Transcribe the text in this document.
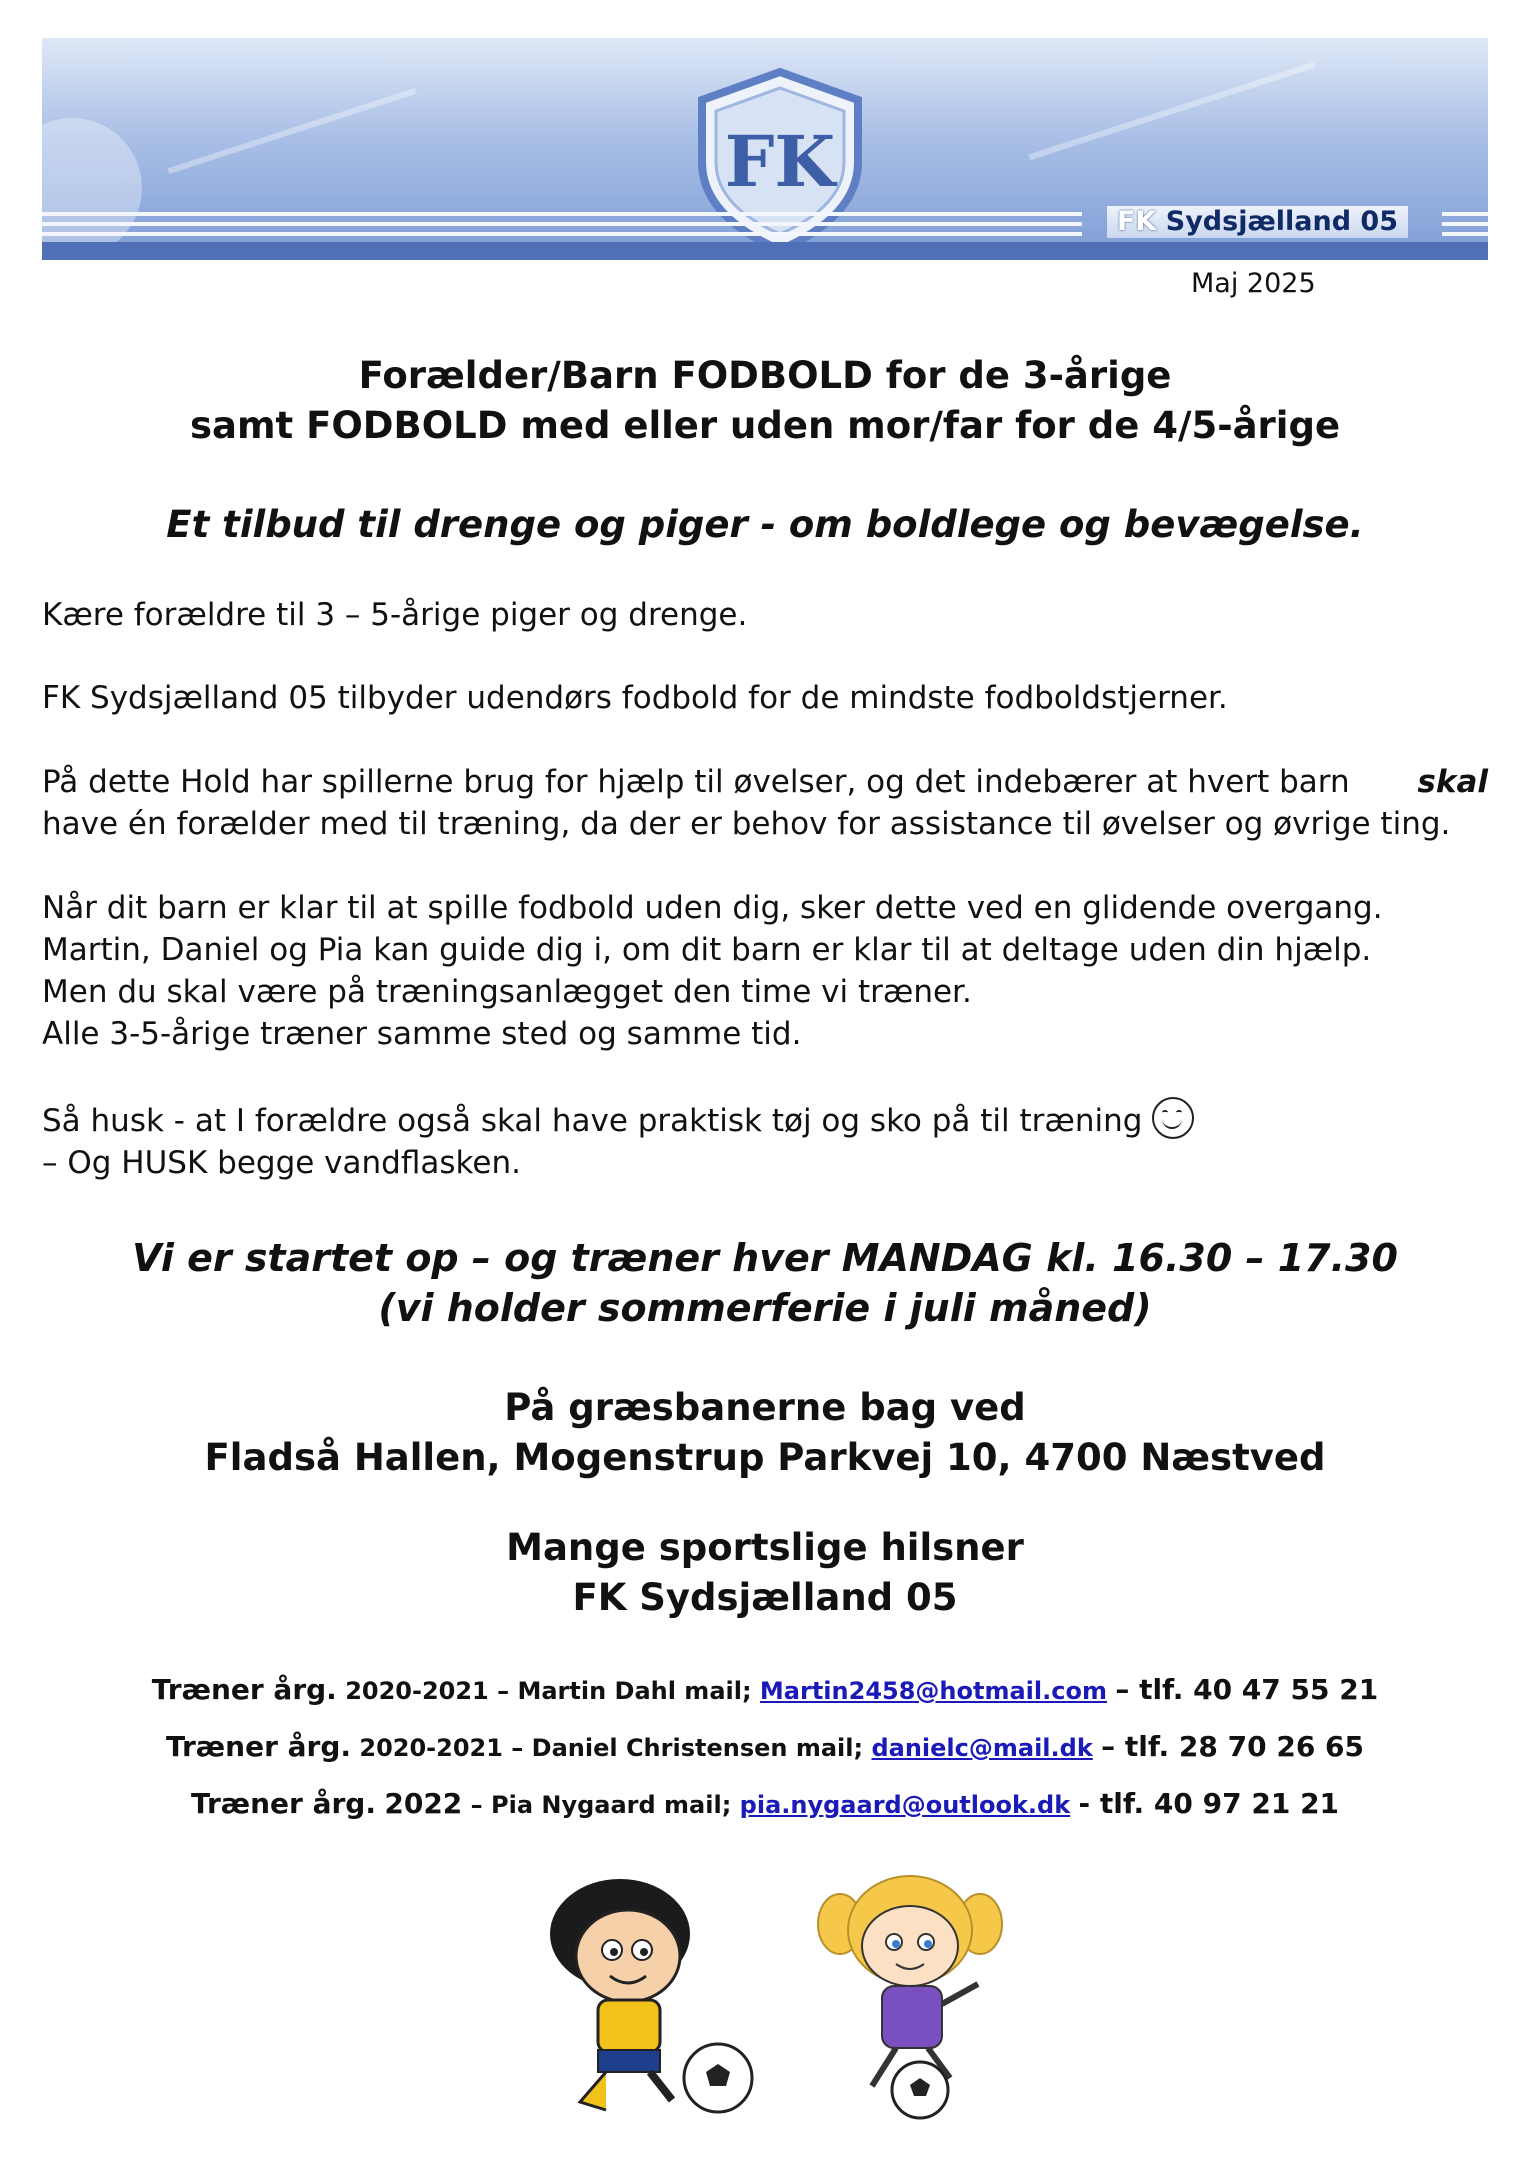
FK
FK Sydsjælland 05
Maj 2025
Forælder/Barn FODBOLD for de 3-årige
samt FODBOLD med eller uden mor/far for de 4/5-årige
Et tilbud til drenge og piger - om boldlege og bevægelse.
Kære forældre til 3 – 5-årige piger og drenge.
FK Sydsjælland 05 tilbyder udendørs fodbold for de mindste fodboldstjerner.
På dette Hold har spillerne brug for hjælp til øvelser, og det indebærer at hvert barn skal
have én forælder med til træning, da der er behov for assistance til øvelser og øvrige ting.
Når dit barn er klar til at spille fodbold uden dig, sker dette ved en glidende overgang.
Martin, Daniel og Pia kan guide dig i, om dit barn er klar til at deltage uden din hjælp.
Men du skal være på træningsanlægget den time vi træner.
Alle 3-5-årige træner samme sted og samme tid.
Så husk - at I forældre også skal have praktisk tøj og sko på til træning
– Og HUSK begge vandflasken.
Vi er startet op – og træner hver MANDAG kl. 16.30 – 17.30
(vi holder sommerferie i juli måned)
På græsbanerne bag ved
Fladså Hallen, Mogenstrup Parkvej 10, 4700 Næstved
Mange sportslige hilsner
FK Sydsjælland 05
Træner årg. 2020-2021 – Martin Dahl mail; Martin2458@hotmail.com – tlf. 40 47 55 21
Træner årg. 2020-2021 – Daniel Christensen mail; danielc@mail.dk – tlf. 28 70 26 65
Træner årg. 2022 – Pia Nygaard mail; pia.nygaard@outlook.dk - tlf. 40 97 21 21
